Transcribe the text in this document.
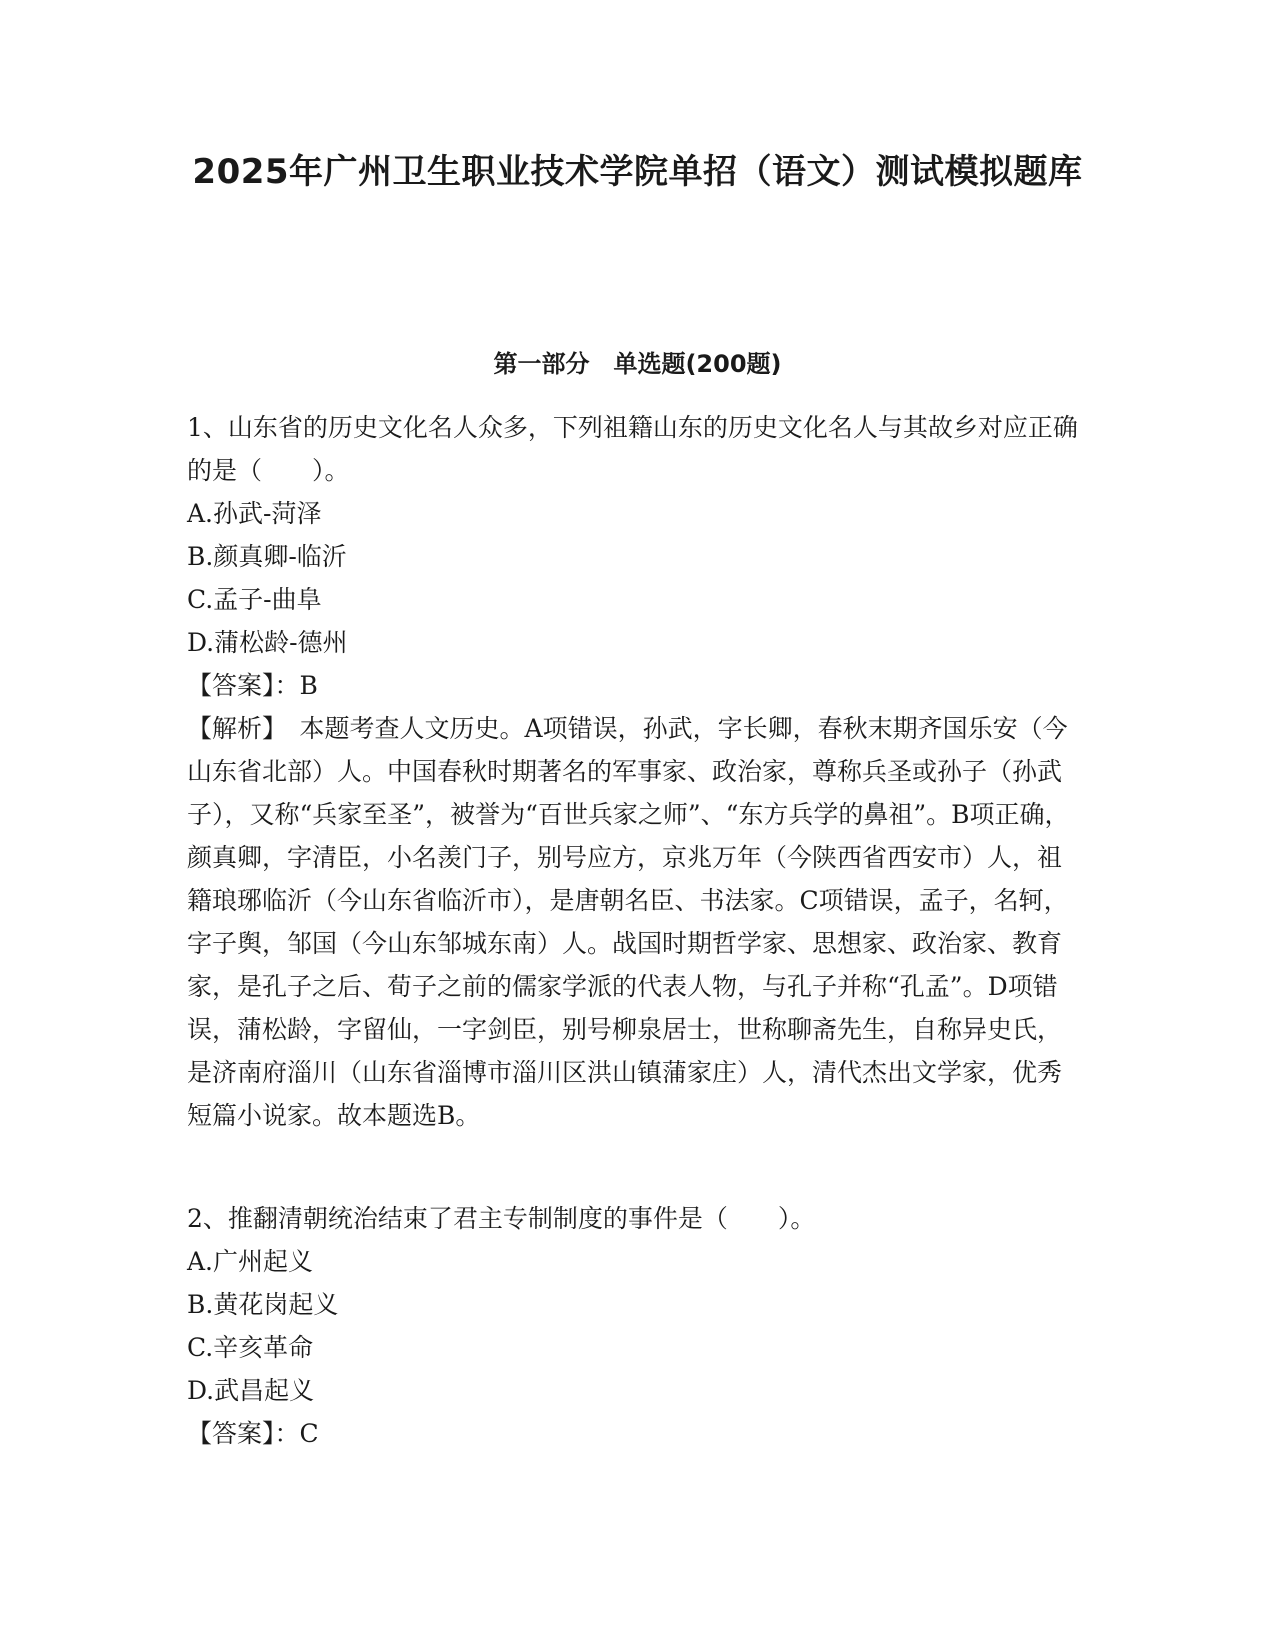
2025年广州卫生职业技术学院单招（语文）测试模拟题库
第一部分　单选题(200题)
1、山东省的历史文化名人众多，下列祖籍山东的历史文化名人与其故乡对应正确的是（　　）。
A.孙武-菏泽
B.颜真卿-临沂
C.孟子-曲阜
D.蒲松龄-德州
【答案】：B
【解析】　本题考查人文历史。A项错误，孙武，字长卿，春秋末期齐国乐安（今山东省北部）人。中国春秋时期著名的军事家、政治家，尊称兵圣或孙子（孙武子），又称“兵家至圣”，被誉为“百世兵家之师”、“东方兵学的鼻祖”。B项正确，颜真卿，字清臣，小名羡门子，别号应方，京兆万年（今陕西省西安市）人，祖籍琅琊临沂（今山东省临沂市），是唐朝名臣、书法家。C项错误，孟子，名轲，字子舆，邹国（今山东邹城东南）人。战国时期哲学家、思想家、政治家、教育家，是孔子之后、荀子之前的儒家学派的代表人物，与孔子并称“孔孟”。D项错误，蒲松龄，字留仙，一字剑臣，别号柳泉居士，世称聊斋先生，自称异史氏，是济南府淄川（山东省淄博市淄川区洪山镇蒲家庄）人，清代杰出文学家，优秀短篇小说家。故本题选B。
2、推翻清朝统治结束了君主专制制度的事件是（　　）。
A.广州起义
B.黄花岗起义
C.辛亥革命
D.武昌起义
【答案】：C
